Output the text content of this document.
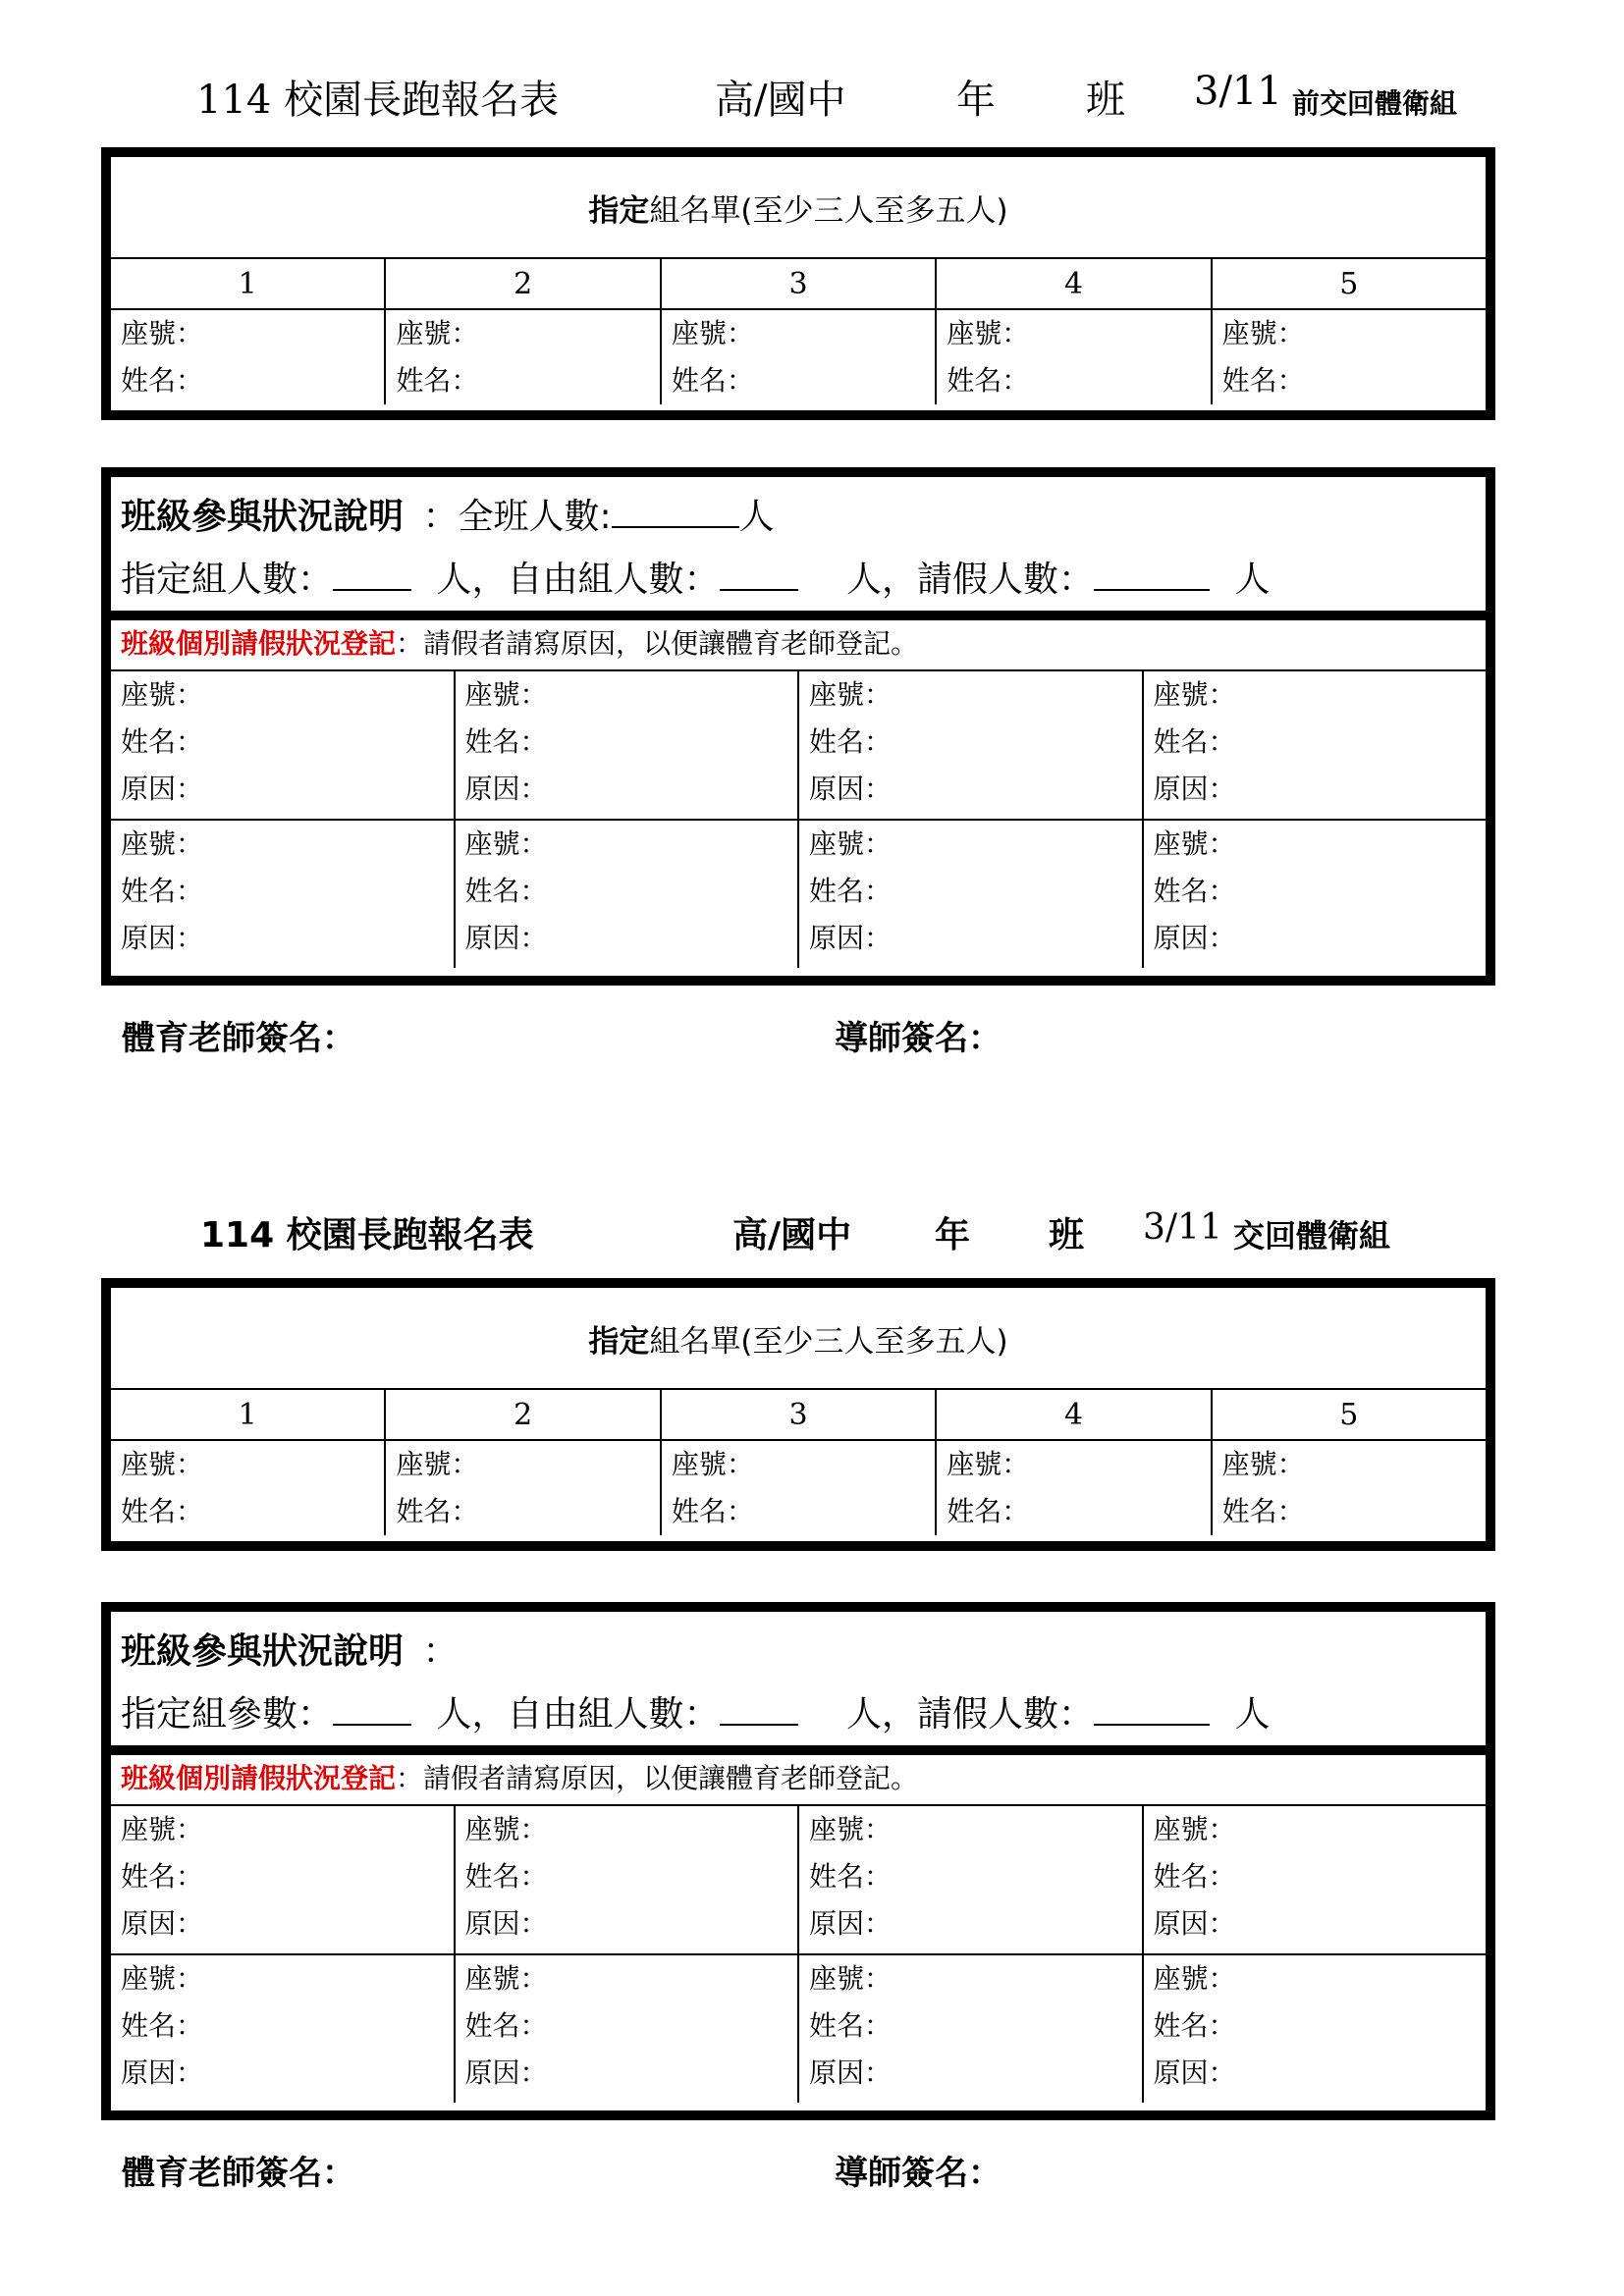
114 校園長跑報名表	高/國中	年 班 3/11 前交回體衛組
指定 組名單(至少三人至多五人)
1	2	3	4	5
座號：
姓名：
座號：
姓名：
座號：
姓名：
座號：
姓名：
座號：
姓名：
班級參與狀況說明 ：全班人數:	人
指定組人數：	人，自由組人數：	人，請假人數：	人
班級個別請假狀況登記：請假者請寫原因，以便讓體育老師登記。
座號：
姓名：
原因：
座號：
姓名：
原因：
座號：
姓名：
原因：
座號：
姓名：
原因：
座號：
姓名：
原因：
座號：
姓名：
原因：
座號：
姓名：
原因：
座號：
姓名：
原因：
體育老師簽名：	導師簽名：
114 校園長跑報名表	高/國中 年 班 3/11 交回體衛組
指定 組名單(至少三人至多五人)
1	2	3	4	5
座號：
姓名：
座號：
姓名：
座號：
姓名：
座號：
姓名：
座號：
姓名：
班級參與狀況說明 ：
指定組參數：	人，自由組人數：	人，請假人數：	人
班級個別請假狀況登記：請假者請寫原因，以便讓體育老師登記。
座號：
姓名：
原因：
座號：
姓名：
原因：
座號：
姓名：
原因：
座號：
姓名：
原因：
座號：
姓名：
原因：
座號：
姓名：
原因：
座號：
姓名：
原因：
座號：
姓名：
原因：
體育老師簽名：	導師簽名：
